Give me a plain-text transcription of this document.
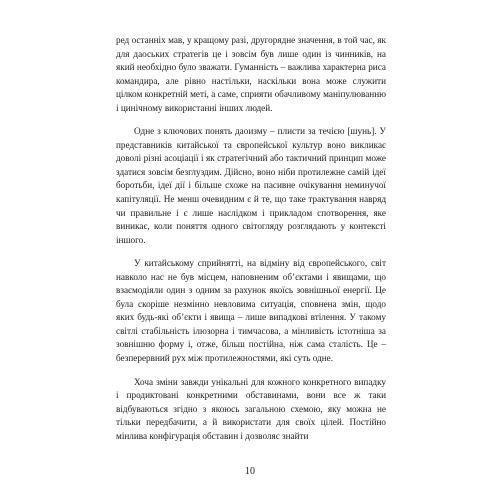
ред останніх мав, у кращому разі, другорядне значення, в той час, як для даоських стратегів це і зовсім був лише один із чинників, на який необхідно було зважати. Гуманність – важлива характерна риса командира, але рівно настільки, наскільки вона може служити цілком конкретній меті, а саме, сприяти обачливому маніпулюванню і цинічному використанні інших людей.

Одне з ключових понять даоизму – плисти за течією [шунь]. У представників китайської та європейської культур воно викликає доволі різні асоціації і як стратегічний або тактичний принцип може здатися зовсім безглуздим. Дійсно, воно ніби протилежне самій ідеї боротьби, ідеї дії і більше схоже на пасивне очікування неминучої капітуляції. Не менш очевидним є й те, що таке трактування навряд чи правильне і є лише наслідком і прикладом спотворення, яке виникає, коли поняття одного світогляду розглядають у контексті іншого.

У китайському сприйнятті, на відміну від європейського, світ навколо нас не був місцем, наповненим об’єктами і явищами, що взаємодіяли один з одним за рахунок якоїсь зовнішньої енергії. Це була скоріше незмінно невловима ситуація, сповнена змін, щодо яких будь-які об’єкти і явища – лише випадкові втілення. У такому світлі стабільність ілюзорна і тимчасова, а мінливість істотніша за зовнішню форму і, отже, більш постійна, ніж сама сталість. Це – безперервний рух між протилежностями, які суть одне.

Хоча зміни завжди унікальні для кожного конкретного випадку і продиктовані конкретними обставинами, вони все ж таки відбуваються згідно з якоюсь загальною схемою, яку можна не тільки передбачити, а й використати для своїх цілей. Постійно мінлива конфігурація обставин і дозволяє знайти

10
